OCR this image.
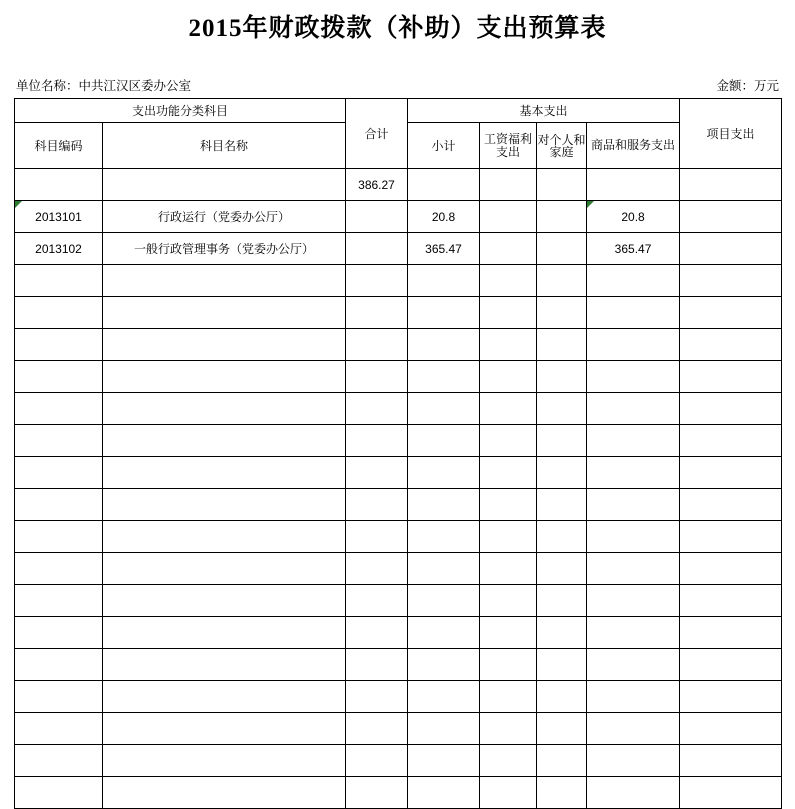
2015年财政拨款（补助）支出预算表
单位名称：中共江汉区委办公室	金额：万元
支出功能分类科目		合计	基本支出				项目支出
科目编码	科目名称		小计	工资福利支出	对个人和家庭	商品和服务支出	
		386.27					

2013101	行政运行（党委办公厅）		20.8			20.8	
2013102	一般行政管理事务（党委办公厅）		365.47			365.47	
